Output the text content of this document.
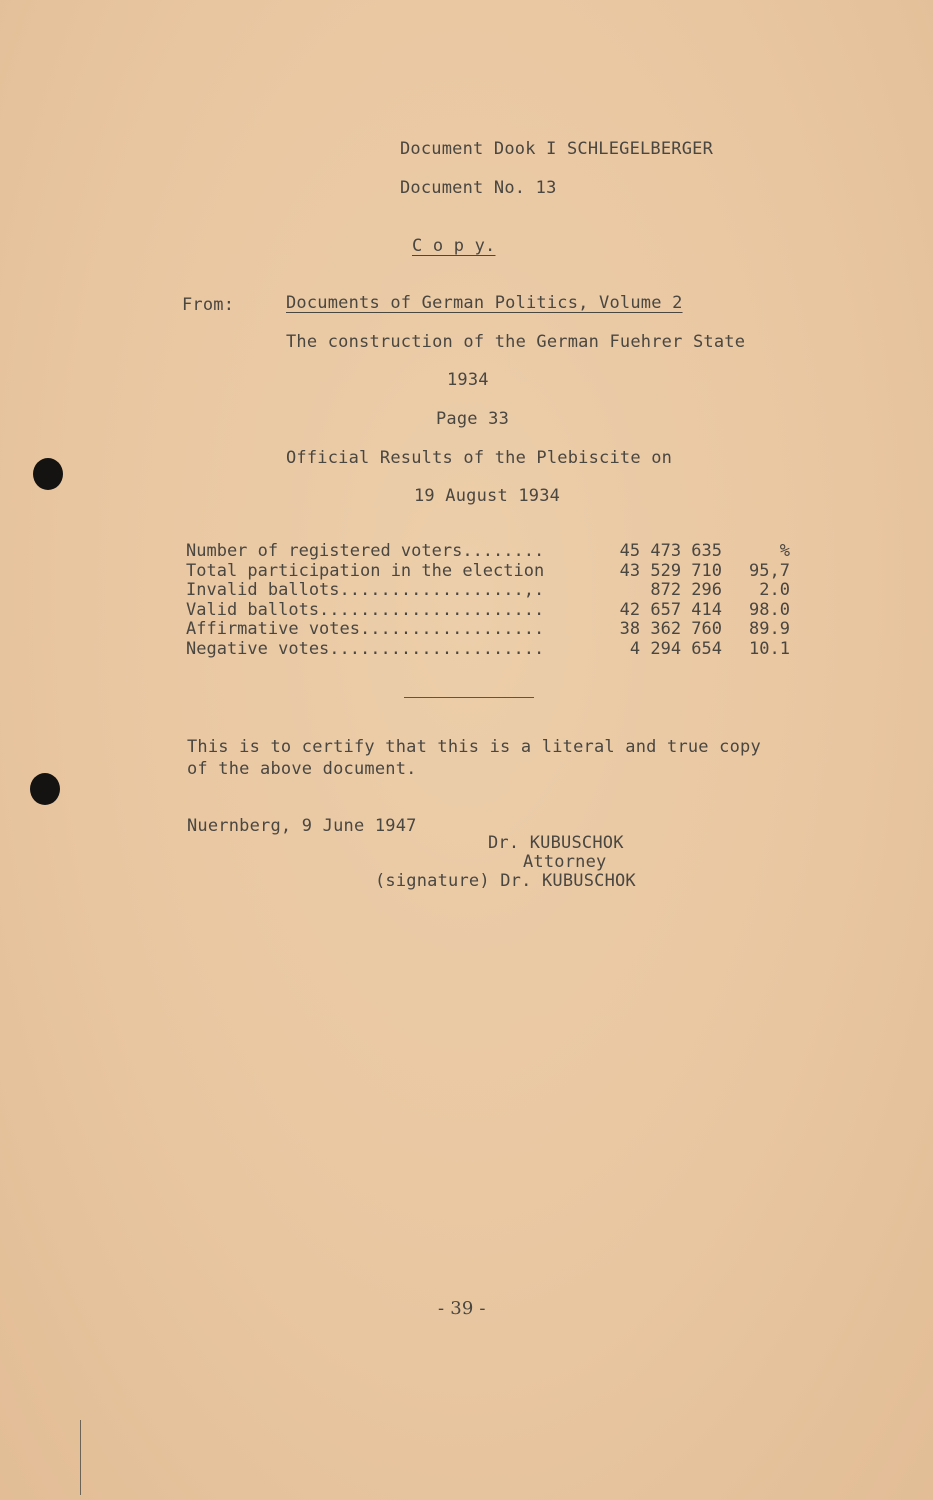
Document Dook I SCHLEGELBERGER
Document No. 13
C o p y.
From:	Documents of German Politics, Volume 2
The construction of the German Fuehrer State
1934
Page 33
Official Results of the Plebiscite on
19 August 1934
Number of registered voters........	45 473 635	%
Total participation in the election	43 529 710	95,7
Invalid ballots..................,.	872 296	2.0
Valid ballots......................	42 657 414	98.0
Affirmative votes..................	38 362 760	89.9
Negative votes.....................	4 294 654	10.1
This is to certify that this is a literal and true copy
of the above document.
Nuernberg, 9 June 1947
Dr. KUBUSCHOK
Attorney
(signature) Dr. KUBUSCHOK
- 39 -
